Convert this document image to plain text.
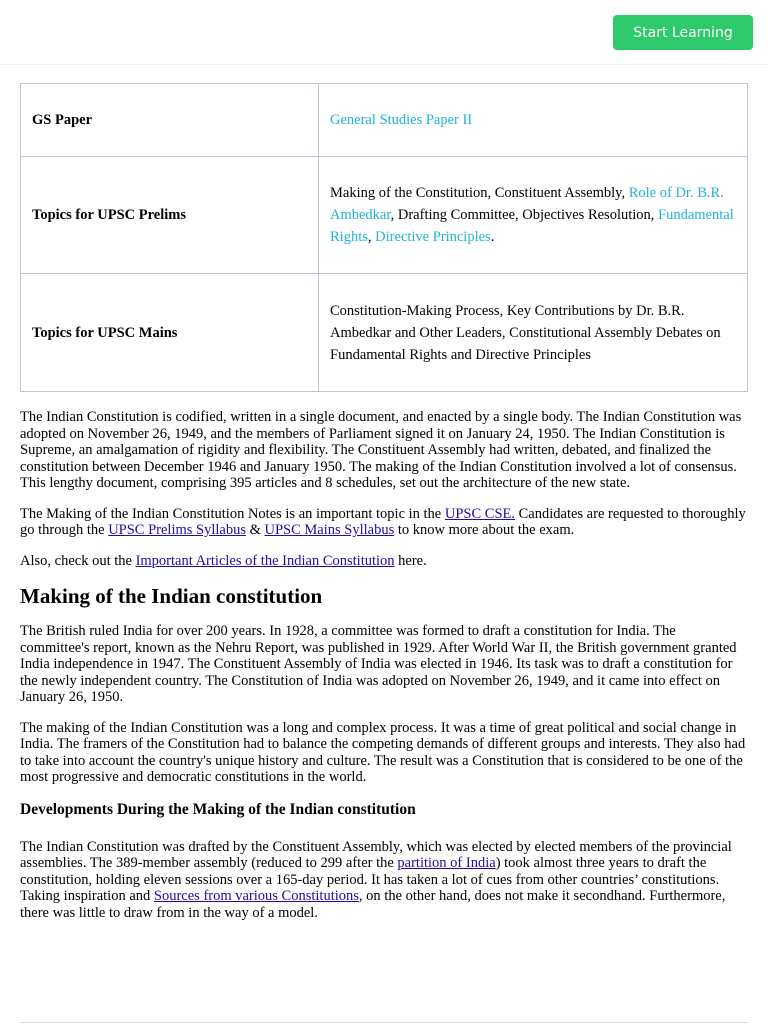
Start Learning
GS Paper	General Studies Paper II
Topics for UPSC Prelims	Making of the Constitution, Constituent Assembly, Role of Dr. B.R. Ambedkar, Drafting Committee, Objectives Resolution, Fundamental Rights, Directive Principles.
Topics for UPSC Mains	Constitution-Making Process, Key Contributions by Dr. B.R. Ambedkar and Other Leaders, Constitutional Assembly Debates on Fundamental Rights and Directive Principles

The Indian Constitution is codified, written in a single document, and enacted by a single body. The Indian Constitution was adopted on November 26, 1949, and the members of Parliament signed it on January 24, 1950. The Indian Constitution is Supreme, an amalgamation of rigidity and flexibility. The Constituent Assembly had written, debated, and finalized the constitution between December 1946 and January 1950. The making of the Indian Constitution involved a lot of consensus. This lengthy document, comprising 395 articles and 8 schedules, set out the architecture of the new state.

The Making of the Indian Constitution Notes is an important topic in the UPSC CSE. Candidates are requested to thoroughly go through the UPSC Prelims Syllabus & UPSC Mains Syllabus to know more about the exam.

Also, check out the Important Articles of the Indian Constitution here.

Making of the Indian constitution

The British ruled India for over 200 years. In 1928, a committee was formed to draft a constitution for India. The committee's report, known as the Nehru Report, was published in 1929. After World War II, the British government granted India independence in 1947. The Constituent Assembly of India was elected in 1946. Its task was to draft a constitution for the newly independent country. The Constitution of India was adopted on November 26, 1949, and it came into effect on January 26, 1950.

The making of the Indian Constitution was a long and complex process. It was a time of great political and social change in India. The framers of the Constitution had to balance the competing demands of different groups and interests. They also had to take into account the country's unique history and culture. The result was a Constitution that is considered to be one of the most progressive and democratic constitutions in the world.

Developments During the Making of the Indian constitution

The Indian Constitution was drafted by the Constituent Assembly, which was elected by elected members of the provincial assemblies. The 389-member assembly (reduced to 299 after the partition of India) took almost three years to draft the constitution, holding eleven sessions over a 165-day period. It has taken a lot of cues from other countries’ constitutions. Taking inspiration and Sources from various Constitutions, on the other hand, does not make it secondhand. Furthermore, there was little to draw from in the way of a model.
